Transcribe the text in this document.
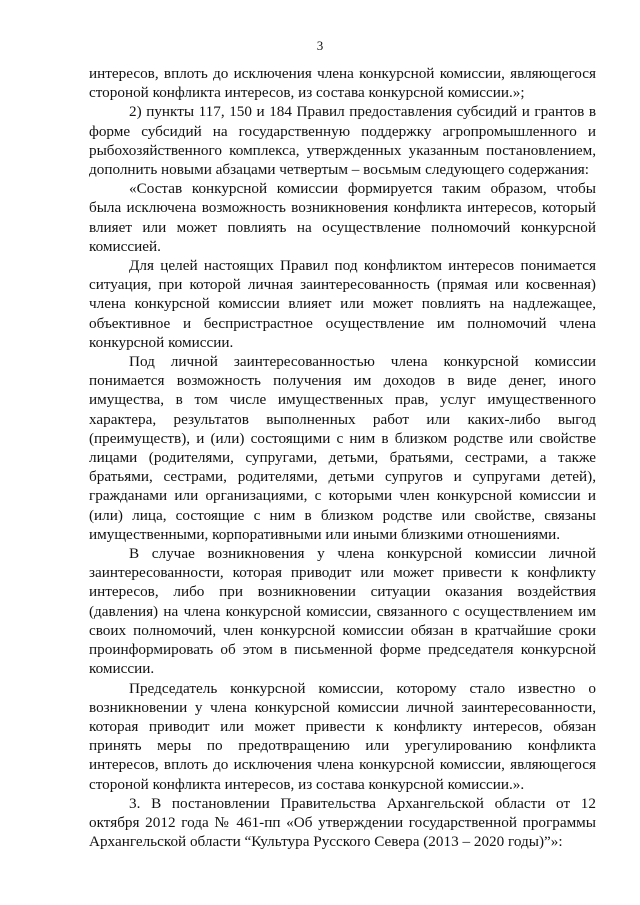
3

интересов, вплоть до исключения члена конкурсной комиссии, являющегося стороной конфликта интересов, из состава конкурсной комиссии.»;

2) пункты 117, 150 и 184 Правил предоставления субсидий и грантов в форме субсидий на государственную поддержку агропромышленного и рыбохозяйственного комплекса, утвержденных указанным постановлением, дополнить новыми абзацами четвертым – восьмым следующего содержания:

«Состав конкурсной комиссии формируется таким образом, чтобы была исключена возможность возникновения конфликта интересов, который влияет или может повлиять на осуществление полномочий конкурсной комиссией.

Для целей настоящих Правил под конфликтом интересов понимается ситуация, при которой личная заинтересованность (прямая или косвенная) члена конкурсной комиссии влияет или может повлиять на надлежащее, объективное и беспристрастное осуществление им полномочий члена конкурсной комиссии.

Под личной заинтересованностью члена конкурсной комиссии понимается возможность получения им доходов в виде денег, иного имущества, в том числе имущественных прав, услуг имущественного характера, результатов выполненных работ или каких-либо выгод (преимуществ), и (или) состоящими с ним в близком родстве или свойстве лицами (родителями, супругами, детьми, братьями, сестрами, а также братьями, сестрами, родителями, детьми супругов и супругами детей), гражданами или организациями, с которыми член конкурсной комиссии и (или) лица, состоящие с ним в близком родстве или свойстве, связаны имущественными, корпоративными или иными близкими отношениями.

В случае возникновения у члена конкурсной комиссии личной заинтересованности, которая приводит или может привести к конфликту интересов, либо при возникновении ситуации оказания воздействия (давления) на члена конкурсной комиссии, связанного с осуществлением им своих полномочий, член конкурсной комиссии обязан в кратчайшие сроки проинформировать об этом в письменной форме председателя конкурсной комиссии.

Председатель конкурсной комиссии, которому стало известно о возникновении у члена конкурсной комиссии личной заинтересованности, которая приводит или может привести к конфликту интересов, обязан принять меры по предотвращению или урегулированию конфликта интересов, вплоть до исключения члена конкурсной комиссии, являющегося стороной конфликта интересов, из состава конкурсной комиссии.».

3. В постановлении Правительства Архангельской области от 12 октября 2012 года № 461-пп «Об утверждении государственной программы Архангельской области “Культура Русского Севера (2013 – 2020 годы)”»:
